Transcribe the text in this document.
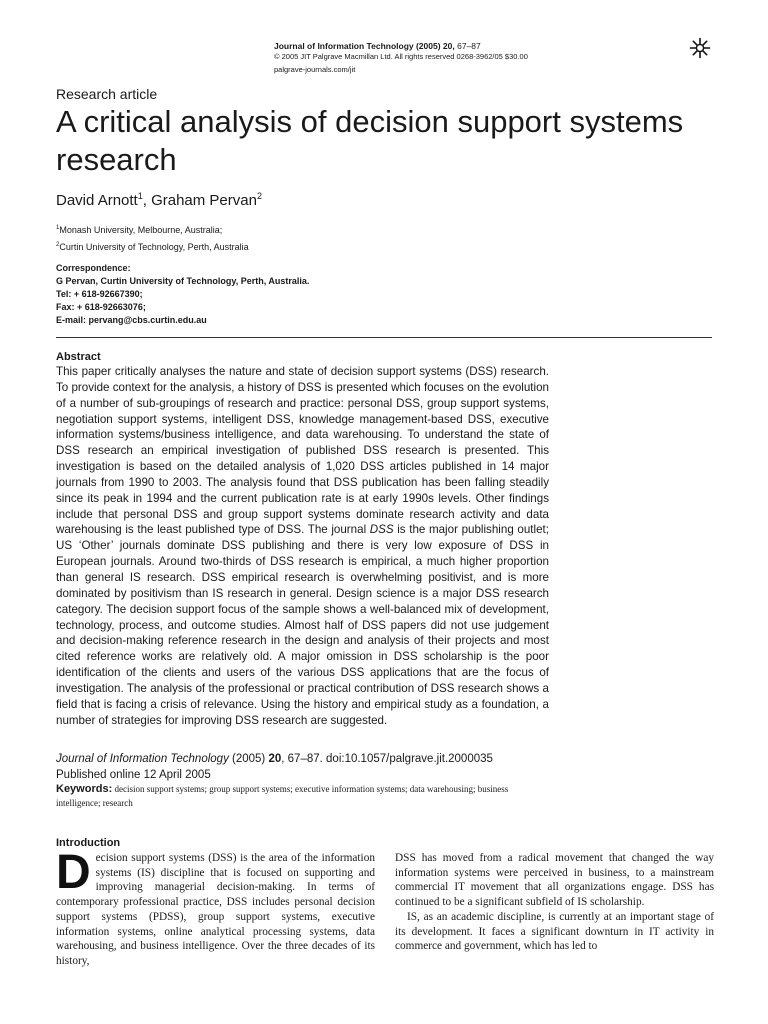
Journal of Information Technology (2005) 20, 67–87
© 2005 JIT Palgrave Macmillan Ltd. All rights reserved 0268-3962/05 $30.00
palgrave-journals.com/jit
Research article
A critical analysis of decision support systems research
David Arnott$^1$, Graham Pervan$^2$
$^1$Monash University, Melbourne, Australia;
$^2$Curtin University of Technology, Perth, Australia
Correspondence:
G Pervan, Curtin University of Technology, Perth, Australia.
Tel: + 618-92667390;
Fax: + 618-92663076;
E-mail: pervang@cbs.curtin.edu.au
Abstract

This paper critically analyses the nature and state of decision support systems (DSS) research. To provide context for the analysis, a history of DSS is presented which focuses on the evolution of a number of sub-groupings of research and practice: personal DSS, group support systems, negotiation support systems, intelligent DSS, knowledge management-based DSS, executive information systems/business intelligence, and data warehousing. To understand the state of DSS research an empirical investigation of published DSS research is presented. This investigation is based on the detailed analysis of 1,020 DSS articles published in 14 major journals from 1990 to 2003. The analysis found that DSS publication has been falling steadily since its peak in 1994 and the current publication rate is at early 1990s levels. Other findings include that personal DSS and group support systems dominate research activity and data warehousing is the least published type of DSS. The journal DSS is the major publishing outlet; US ‘Other’ journals dominate DSS publishing and there is very low exposure of DSS in European journals. Around two-thirds of DSS research is empirical, a much higher proportion than general IS research. DSS empirical research is overwhelming positivist, and is more dominated by positivism than IS research in general. Design science is a major DSS research category. The decision support focus of the sample shows a well-balanced mix of development, technology, process, and outcome studies. Almost half of DSS papers did not use judgement and decision-making reference research in the design and analysis of their projects and most cited reference works are relatively old. A major omission in DSS scholarship is the poor identification of the clients and users of the various DSS applications that are the focus of investigation. The analysis of the professional or practical contribution of DSS research shows a field that is facing a crisis of relevance. Using the history and empirical study as a foundation, a number of strategies for improving DSS research are suggested.

Journal of Information Technology (2005) 20, 67–87. doi:10.1057/palgrave.jit.2000035
Published online 12 April 2005
Keywords: decision support systems; group support systems; executive information systems; data warehousing; business intelligence; research
Introduction

Decision support systems (DSS) is the area of the information systems (IS) discipline that is focused on supporting and improving managerial decision-making. In terms of contemporary professional practice, DSS includes personal decision support systems (PDSS), group support systems, executive information systems, online analytical processing systems, data warehousing, and business intelligence. Over the three decades of its history,

DSS has moved from a radical movement that changed the way information systems were perceived in business, to a mainstream commercial IT movement that all organizations engage. DSS has continued to be a significant subfield of IS scholarship.

IS, as an academic discipline, is currently at an important stage of its development. It faces a significant downturn in IT activity in commerce and government, which has led to
